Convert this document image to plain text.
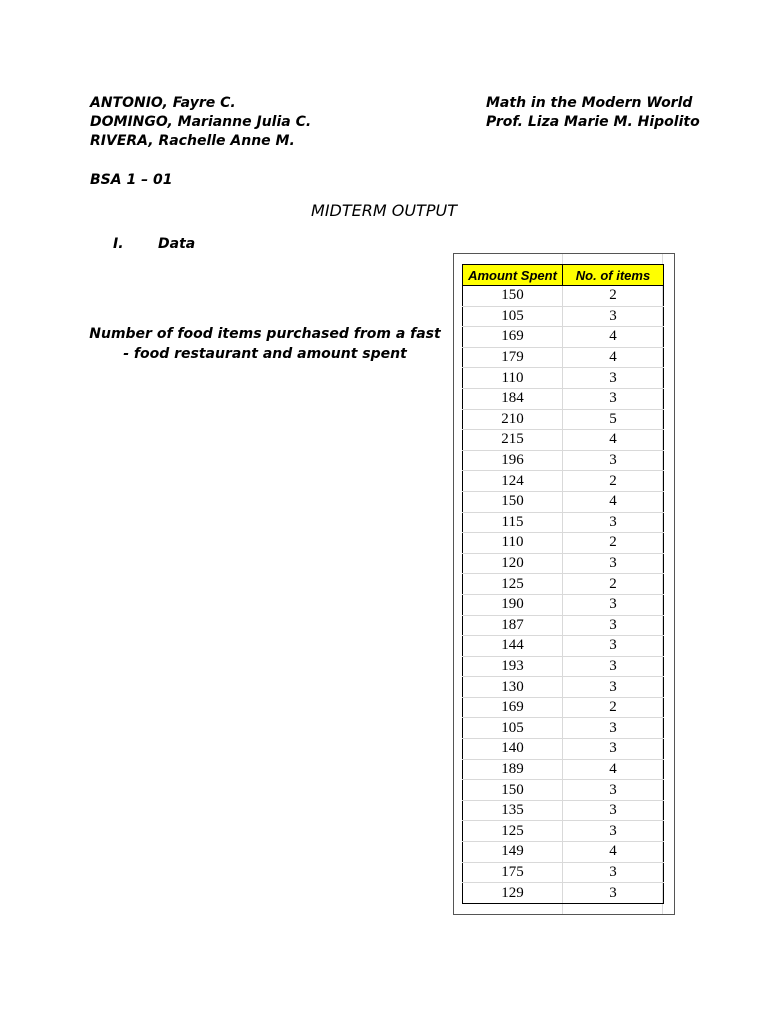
ANTONIO, Fayre C.
DOMINGO, Marianne Julia C.
RIVERA, Rachelle Anne M.
Math in the Modern World
Prof. Liza Marie M. Hipolito
BSA 1 – 01
MIDTERM OUTPUT
I. Data
Number of food items purchased from a fast - food restaurant and amount spent
Amount Spent	No. of items
150	2
105	3
169	4
179	4
110	3
184	3
210	5
215	4
196	3
124	2
150	4
115	3
110	2
120	3
125	2
190	3
187	3
144	3
193	3
130	3
169	2
105	3
140	3
189	4
150	3
135	3
125	3
149	4
175	3
129	3
